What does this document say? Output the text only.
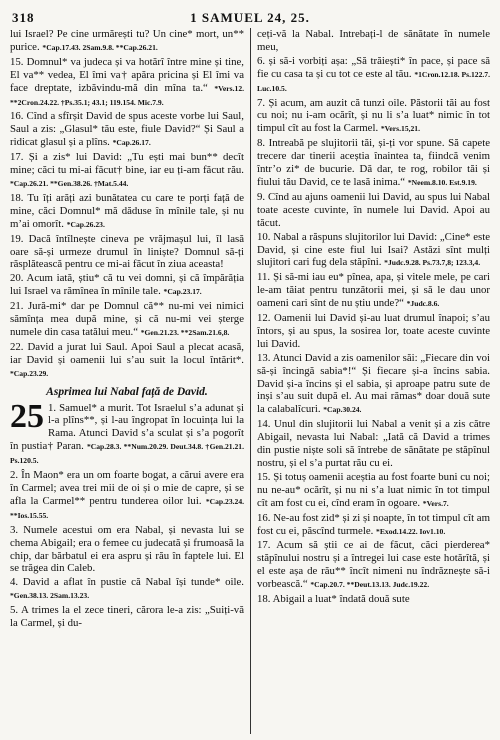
318	1 SAMUEL 24, 25.

lui Israel? Pe cine urmărești tu? Un cine* mort, un** purice. *Cap.17.43. 2Sam.9.8. **Cap.26.21.

15. Domnul* va judeca și va hotărî între mine și tine, El va** vedea, El îmi va† apăra pricina și El îmi va face dreptate, izbăvindu-mă din mîna ta.“ *Vers.12. **2Cron.24.22. †Ps.35.1; 43.1; 119.154. Mic.7.9.

16. Cînd a sfîrșit David de spus aceste vorbe lui Saul, Saul a zis: „Glasul* tău este, fiule David?“ Și Saul a ridicat glasul și a plîns. *Cap.26.17.

17. Și a zis* lui David: „Tu ești mai bun** decît mine; căci tu mi-ai făcut† bine, iar eu ți-am făcut rău. *Cap.26.21. **Gen.38.26. †Mat.5.44.

18. Tu îți arăți azi bunătatea cu care te porți față de mine, căci Domnul* mă dăduse în mînile tale, și nu m’ai omorît. *Cap.26.23.

19. Dacă întîlnește cineva pe vrăjmașul lui, îl lasă oare să-și urmeze drumul în liniște? Domnul să-ți răsplătească pentru ce mi-ai făcut în ziua aceasta!

20. Acum iată, știu* că tu vei domni, și că împărăția lui Israel va rămînea în mînile tale. *Cap.23.17.

21. Jură-mi* dar pe Domnul că** nu-mi vei nimici sămînța mea după mine, și că nu-mi vei șterge numele din casa tatălui meu.“ *Gen.21.23. **2Sam.21.6,8.

22. David a jurat lui Saul. Apoi Saul a plecat acasă, iar David și oamenii lui s’au suit la locul întărit*. *Cap.23.29.

Asprimea lui Nabal față de David.
25 1. Samuel* a murit. Tot Israelul s’a adunat și l-a plîns**, și l-au îngropat în locuința lui la Rama. Atunci David s’a sculat și s’a pogorît în pustia† Paran. *Cap.28.3. **Num.20.29. Deut.34.8. †Gen.21.21. Ps.120.5.

2. În Maon* era un om foarte bogat, a cărui avere era în Carmel; avea trei mii de oi și o mie de capre, și se afla la Carmel** pentru tunderea oilor lui. *Cap.23.24. **Ios.15.55.

3. Numele acestui om era Nabal, și nevasta lui se chema Abigail; era o femee cu judecată și frumoasă la chip, dar bărbatul ei era aspru și rău în faptele lui. El se trăgea din Caleb.

4. David a aflat în pustie că Nabal își tunde* oile. *Gen.38.13. 2Sam.13.23.

5. A trimes la el zece tineri, cărora le-a zis: „Suiți-vă la Carmel, și du-

ceți-vă la Nabal. Intrebați-l de sănătate în numele meu,

6. și să-i vorbiți așa: „Să trăiești* în pace, și pace să fie cu casa ta și cu tot ce este al tău. *1Cron.12.18. Ps.122.7. Luc.10.5.

7. Și acum, am auzit că tunzi oile. Păstorii tăi au fost cu noi; nu i-am ocărît, și nu li s’a luat* nimic în tot timpul cît au fost la Carmel. *Vers.15,21.

8. Intreabă pe slujitorii tăi, și-ți vor spune. Să capete trecere dar tinerii aceștia înaintea ta, fiindcă venim într’o zi* de bucurie. Dă dar, te rog, robilor tăi și fiului tău David, ce te lasă inima.“ *Neem.8.10. Est.9.19.

9. Cînd au ajuns oamenii lui David, au spus lui Nabal toate aceste cuvinte, în numele lui David. Apoi au tăcut.

10. Nabal a răspuns slujitorilor lui David: „Cine* este David, și cine este fiul lui Isai? Astăzi sînt mulți slujitori cari fug dela stăpîni. *Judc.9.28. Ps.73.7,8; 123.3,4.

11. Și să-mi iau eu* pînea, apa, și vitele mele, pe cari le-am tăiat pentru tunzătorii mei, și să le dau unor oameni cari sînt de nu știu unde?“ *Judc.8.6.

12. Oamenii lui David și-au luat drumul înapoi; s’au întors, și au spus, la sosirea lor, toate aceste cuvinte lui David.

13. Atunci David a zis oamenilor săi: „Fiecare din voi să-și încingă sabia*!“ Și fiecare și-a încins sabia. David și-a încins și el sabia, și aproape patru sute de inși s’au suit după el. Au mai rămas* doar două sute la calabalîcuri. *Cap.30.24.

14. Unul din slujitorii lui Nabal a venit și a zis către Abigail, nevasta lui Nabal: „Iată că David a trimes din pustie niște soli să întrebe de sănătate pe stăpînul nostru, și el s’a purtat rău cu ei.

15. Și totuș oamenii aceștia au fost foarte buni cu noi; nu ne-au* ocărît, și nu ni s’a luat nimic în tot timpul cît am fost cu ei, cînd eram în ogoare. *Vers.7.

16. Ne-au fost zid* și zi și noapte, în tot timpul cît am fost cu ei, păscînd turmele. *Exod.14.22. Iov1.10.

17. Acum să știi ce ai de făcut, căci pierderea* stăpînului nostru și a întregei lui case este hotărîtă, și el este așa de rău** încît nimeni nu îndrăznește să-i vorbească.“ *Cap.20.7. **Deut.13.13. Judc.19.22.

18. Abigail a luat* îndată două sute
